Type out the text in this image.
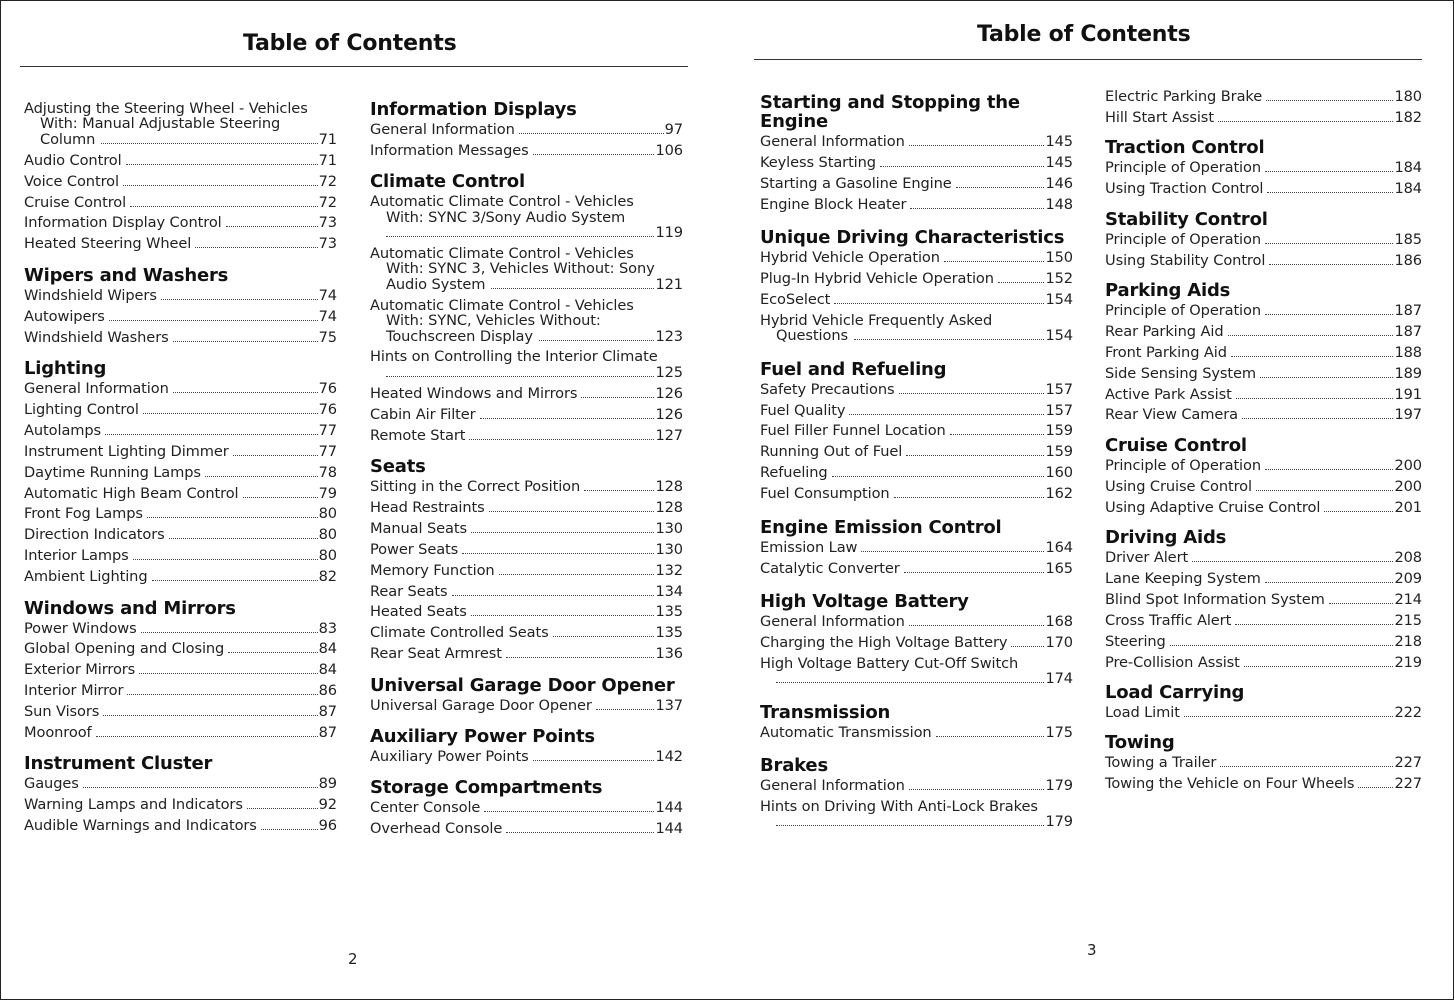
Table of Contents
Adjusting the Steering Wheel - Vehicles
With: Manual Adjustable Steering
Column	71
Audio Control	71
Voice Control	72
Cruise Control	72
Information Display Control	73
Heated Steering Wheel	73
Wipers and Washers
Windshield Wipers	74
Autowipers	74
Windshield Washers	75
Lighting
General Information	76
Lighting Control	76
Autolamps	77
Instrument Lighting Dimmer	77
Daytime Running Lamps	78
Automatic High Beam Control	79
Front Fog Lamps	80
Direction Indicators	80
Interior Lamps	80
Ambient Lighting	82
Windows and Mirrors
Power Windows	83
Global Opening and Closing	84
Exterior Mirrors	84
Interior Mirror	86
Sun Visors	87
Moonroof	87
Instrument Cluster
Gauges	89
Warning Lamps and Indicators	92
Audible Warnings and Indicators	96
Information Displays
General Information	97
Information Messages	106
Climate Control
Automatic Climate Control - Vehicles
With: SYNC 3/Sony Audio System
119
Automatic Climate Control - Vehicles
With: SYNC 3, Vehicles Without: Sony
Audio System	121
Automatic Climate Control - Vehicles
With: SYNC, Vehicles Without:
Touchscreen Display	123
Hints on Controlling the Interior Climate
125
Heated Windows and Mirrors	126
Cabin Air Filter	126
Remote Start	127
Seats
Sitting in the Correct Position	128
Head Restraints	128
Manual Seats	130
Power Seats	130
Memory Function	132
Rear Seats	134
Heated Seats	135
Climate Controlled Seats	135
Rear Seat Armrest	136
Universal Garage Door Opener
Universal Garage Door Opener	137
Auxiliary Power Points
Auxiliary Power Points	142
Storage Compartments
Center Console	144
Overhead Console	144
2
Table of Contents
Starting and Stopping the Engine
General Information	145
Keyless Starting	145
Starting a Gasoline Engine	146
Engine Block Heater	148
Unique Driving Characteristics
Hybrid Vehicle Operation	150
Plug-In Hybrid Vehicle Operation	152
EcoSelect	154
Hybrid Vehicle Frequently Asked
Questions	154
Fuel and Refueling
Safety Precautions	157
Fuel Quality	157
Fuel Filler Funnel Location	159
Running Out of Fuel	159
Refueling	160
Fuel Consumption	162
Engine Emission Control
Emission Law	164
Catalytic Converter	165
High Voltage Battery
General Information	168
Charging the High Voltage Battery	170
High Voltage Battery Cut-Off Switch
174
Transmission
Automatic Transmission	175
Brakes
General Information	179
Hints on Driving With Anti-Lock Brakes
179
Electric Parking Brake	180
Hill Start Assist	182
Traction Control
Principle of Operation	184
Using Traction Control	184
Stability Control
Principle of Operation	185
Using Stability Control	186
Parking Aids
Principle of Operation	187
Rear Parking Aid	187
Front Parking Aid	188
Side Sensing System	189
Active Park Assist	191
Rear View Camera	197
Cruise Control
Principle of Operation	200
Using Cruise Control	200
Using Adaptive Cruise Control	201
Driving Aids
Driver Alert	208
Lane Keeping System	209
Blind Spot Information System	214
Cross Traffic Alert	215
Steering	218
Pre-Collision Assist	219
Load Carrying
Load Limit	222
Towing
Towing a Trailer	227
Towing the Vehicle on Four Wheels	227
3
